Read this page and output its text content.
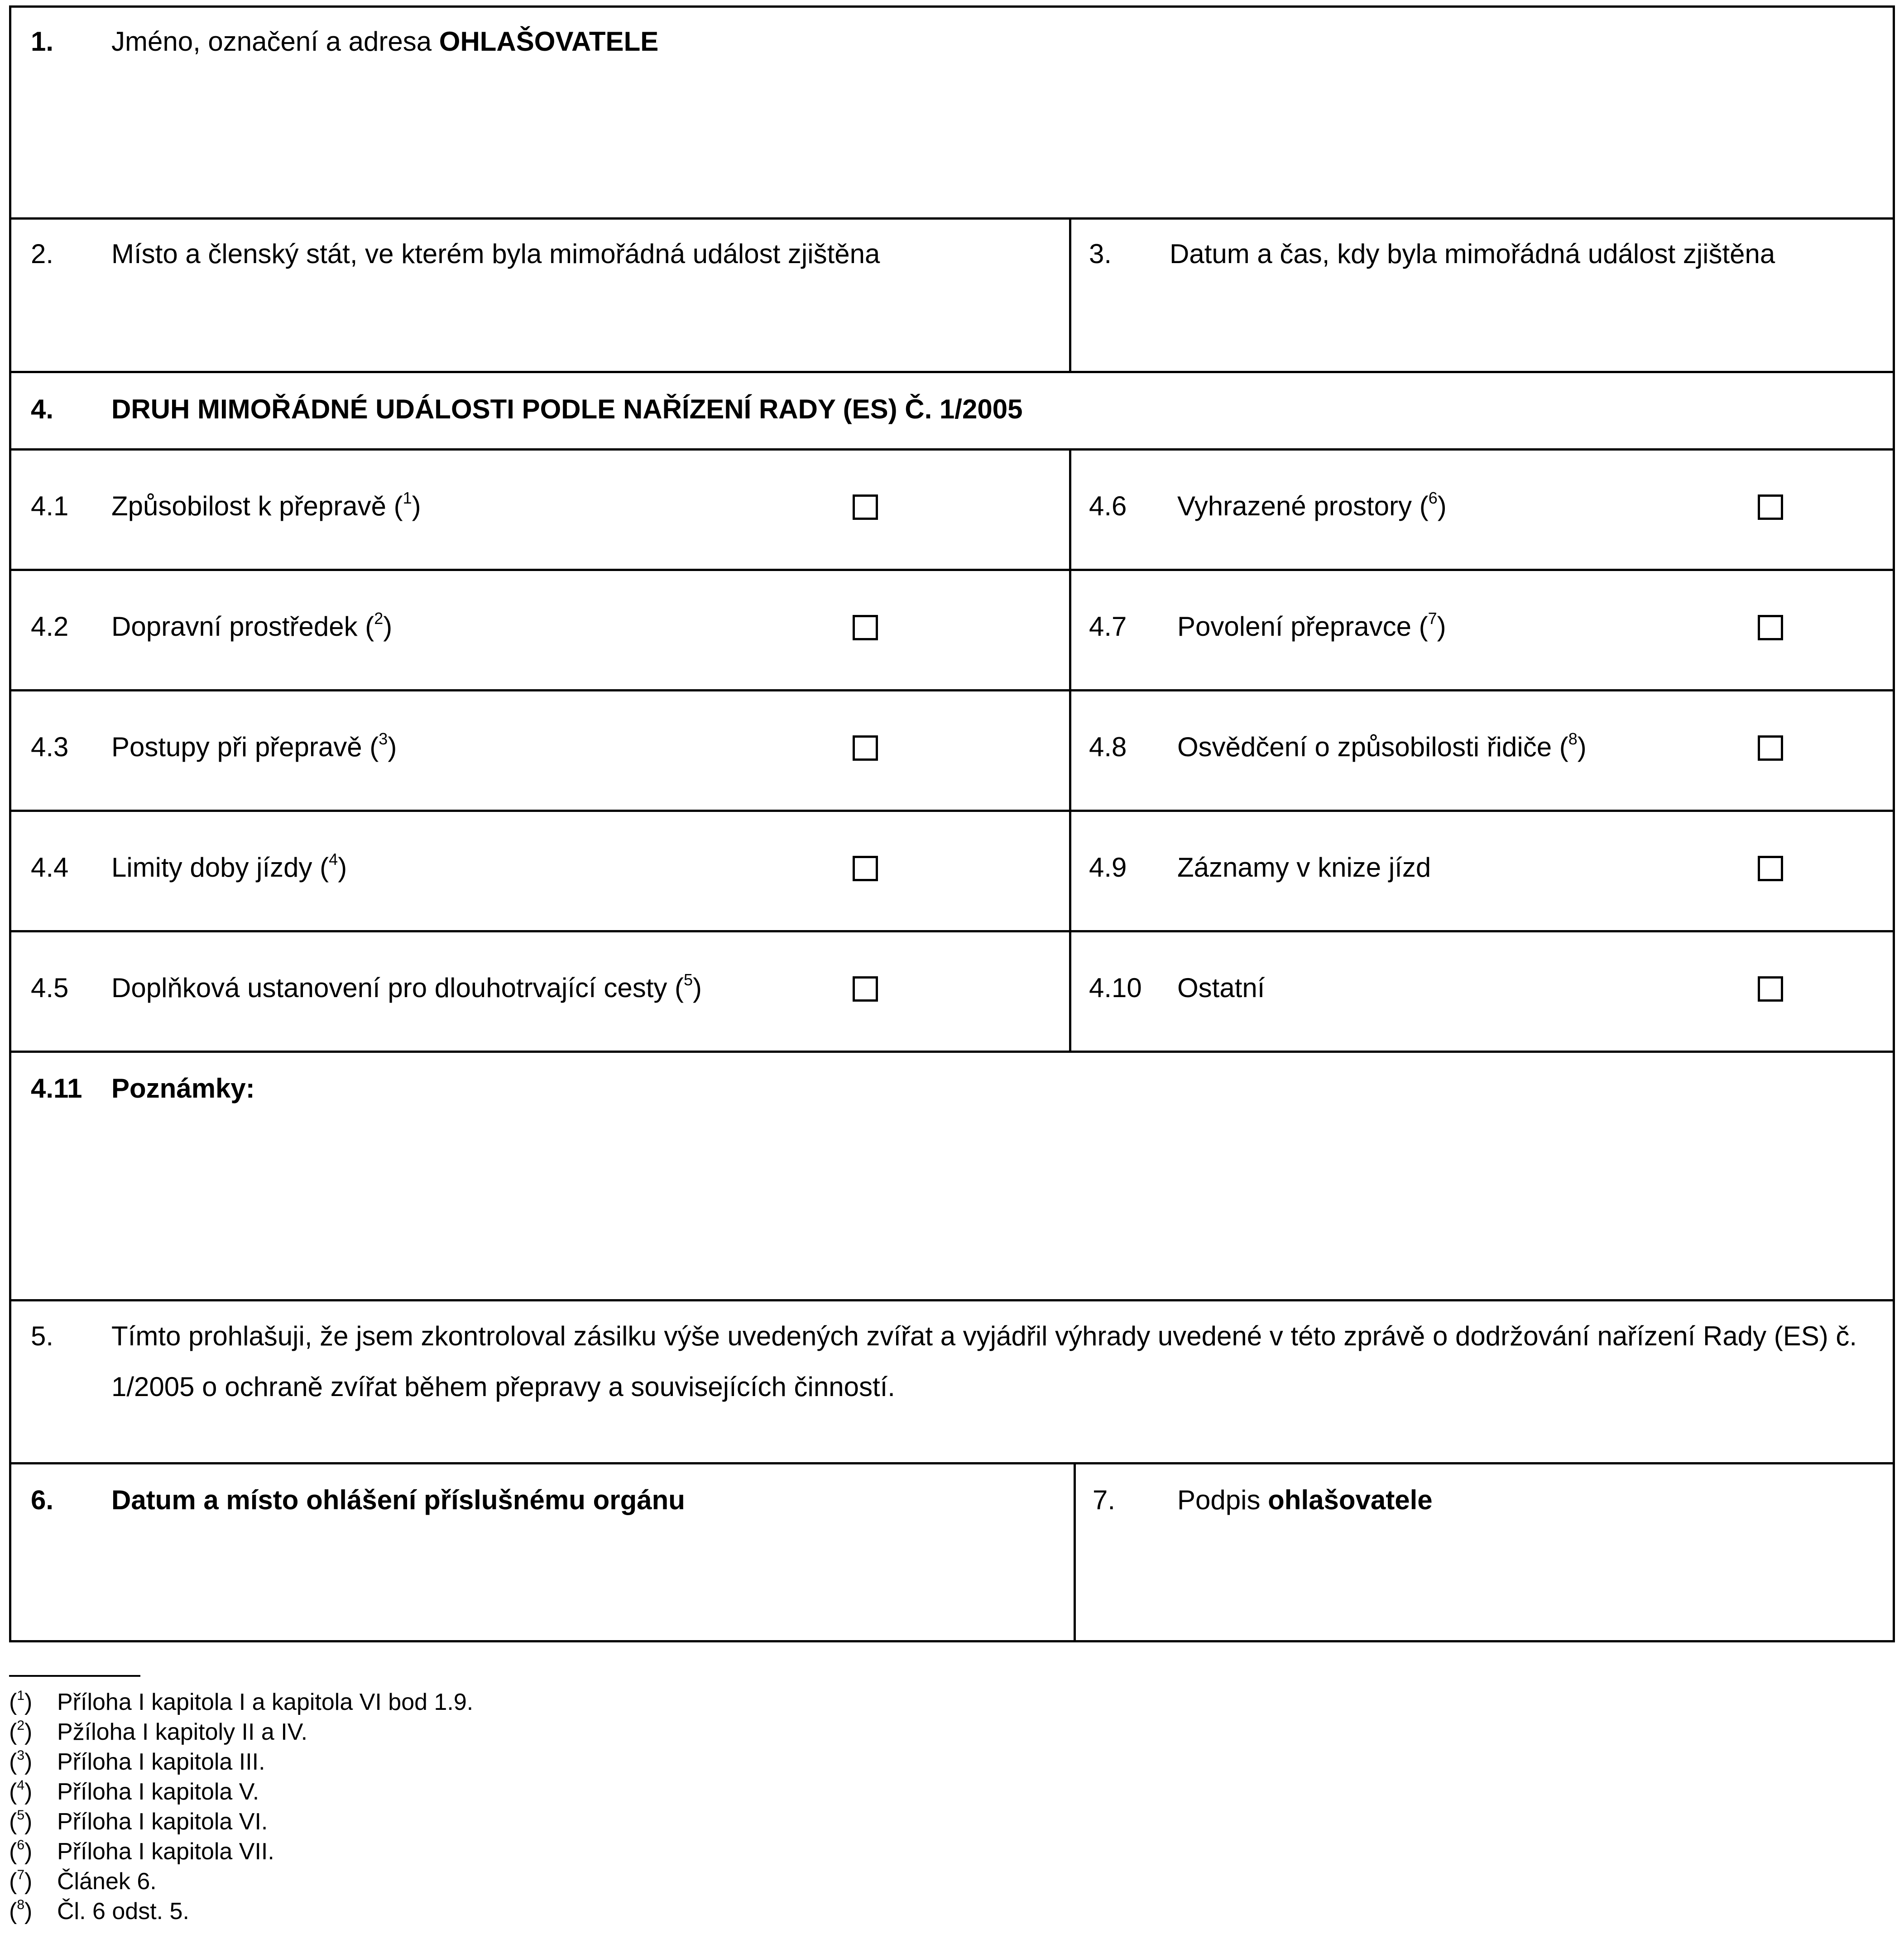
1. Jméno, označení a adresa OHLAŠOVATELE
2. Místo a členský stát, ve kterém byla mimořádná událost zjištěna	3. Datum a čas, kdy byla mimořádná událost zjištěna
4. DRUH MIMOŘÁDNÉ UDÁLOSTI PODLE NAŘÍZENÍ RADY (ES) Č. 1/2005
4.1 Způsobilost k přepravě ($^1$)
4.2 Dopravní prostředek ($^2$)
4.3 Postupy při přepravě ($^3$)
4.4 Limity doby jízdy ($^4$)
4.5 Doplňková ustanovení pro dlouhotrvající cesty ($^5$)
4.6 Vyhrazené prostory ($^6$)
4.7 Povolení přepravce ($^7$)
4.8 Osvědčení o způsobilosti řidiče ($^8$)
4.9 Záznamy v knize jízd
4.10 Ostatní
4.11 Poznámky:
5. Tímto prohlašuji, že jsem zkontroloval zásilku výše uvedených zvířat a vyjádřil výhrady uvedené v této zprávě o dodržování nařízení Rady (ES) č. 1/2005 o ochraně zvířat během přepravy a souvisejících činností.
6. Datum a místo ohlášení příslušnému orgánu	7. Podpis ohlašovatele
($^1$) Příloha I kapitola I a kapitola VI bod 1.9.
($^2$) Pžíloha I kapitoly II a IV.
($^3$) Příloha I kapitola III.
($^4$) Příloha I kapitola V.
($^5$) Příloha I kapitola VI.
($^6$) Příloha I kapitola VII.
($^7$) Článek 6.
($^8$) Čl. 6 odst. 5.
